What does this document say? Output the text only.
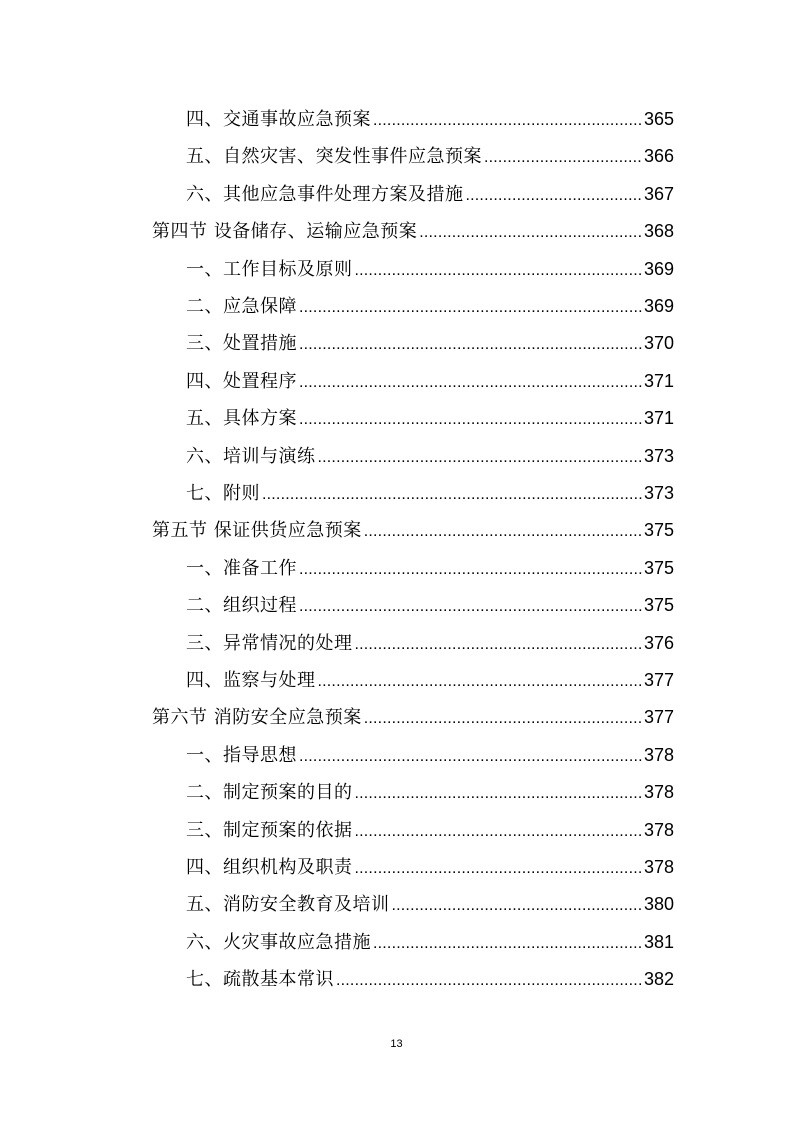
四、交通事故应急预案 .....	365
五、自然灾害、突发性事件应急预案 .....	366
六、其他应急事件处理方案及措施 .....	367
第四节 设备储存、运输应急预案 .....	368
一、工作目标及原则 .....	369
二、应急保障 .....	369
三、处置措施 .....	370
四、处置程序 .....	371
五、具体方案 .....	371
六、培训与演练 .....	373
七、附则 .....	373
第五节 保证供货应急预案 .....	375
一、准备工作 .....	375
二、组织过程 .....	375
三、异常情况的处理 .....	376
四、监察与处理 .....	377
第六节 消防安全应急预案 .....	377
一、指导思想 .....	378
二、制定预案的目的 .....	378
三、制定预案的依据 .....	378
四、组织机构及职责 .....	378
五、消防安全教育及培训 .....	380
六、火灾事故应急措施 .....	381
七、疏散基本常识 .....	382
13
